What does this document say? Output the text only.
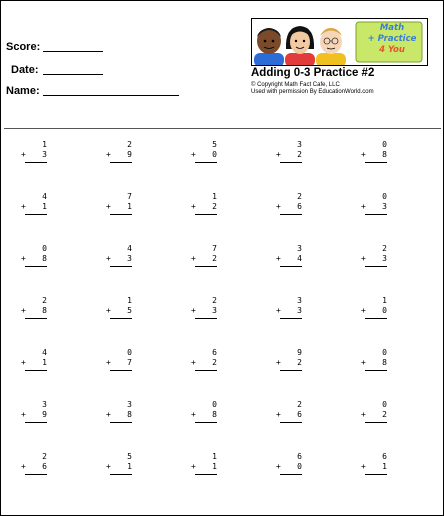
Score:
Date:
Name:
Math
+ Practice
4 You
Adding 0-3 Practice #2
© Copyright Math Fact Cafe, LLC
Used with permission By EducationWorld.com
1
+ 3
2
+ 9
5
+ 0
3
+ 2
0
+ 8
4
+ 1
7
+ 1
1
+ 2
2
+ 6
0
+ 3
0
+ 8
4
+ 3
7
+ 2
3
+ 4
2
+ 3
2
+ 8
1
+ 5
2
+ 3
3
+ 3
1
+ 0
4
+ 1
0
+ 7
6
+ 2
9
+ 2
0
+ 8
3
+ 9
3
+ 8
0
+ 8
2
+ 6
0
+ 2
2
+ 6
5
+ 1
1
+ 1
6
+ 0
6
+ 1
